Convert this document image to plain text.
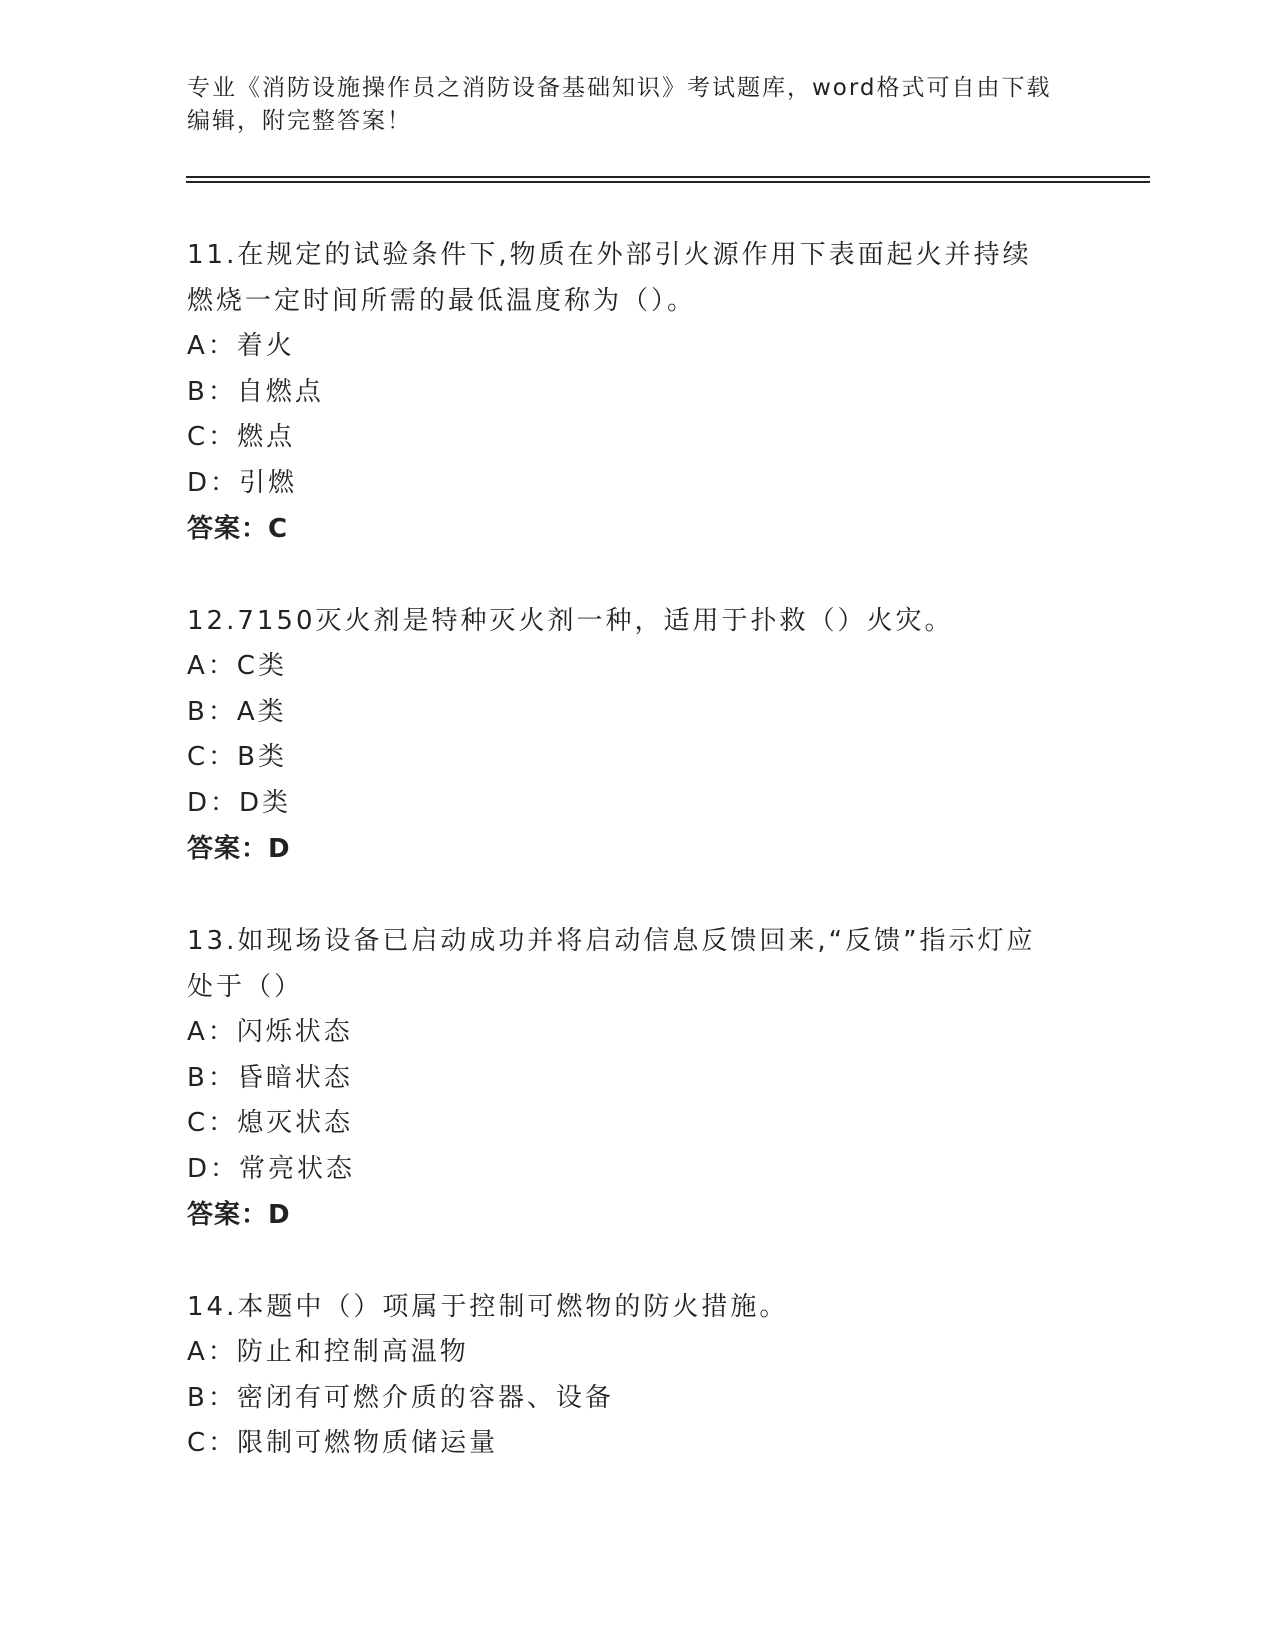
专业《消防设施操作员之消防设备基础知识》考试题库，word格式可自由下载编辑，附完整答案！
11.在规定的试验条件下,物质在外部引火源作用下表面起火并持续燃烧一定时间所需的最低温度称为（）。
A：着火
B：自燃点
C：燃点
D：引燃
答案：C
12.7150灭火剂是特种灭火剂一种，适用于扑救（）火灾。
A：C类
B：A类
C：B类
D：D类
答案：D
13.如现场设备已启动成功并将启动信息反馈回来,“反馈”指示灯应处于（）
A：闪烁状态
B：昏暗状态
C：熄灭状态
D：常亮状态
答案：D
14.本题中（）项属于控制可燃物的防火措施。
A：防止和控制高温物
B：密闭有可燃介质的容器、设备
C：限制可燃物质储运量
